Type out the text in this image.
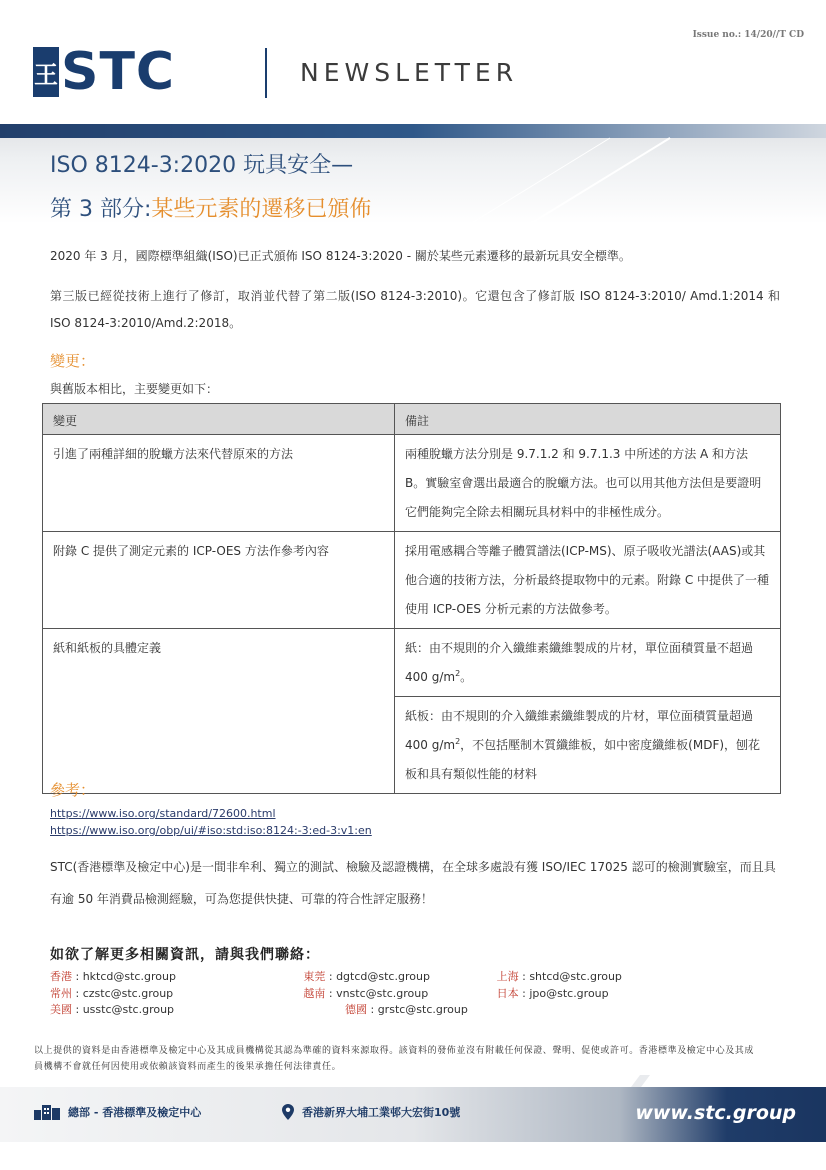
Issue no.: 14/20//T CD
王 STC	NEWSLETTER
ISO 8124-3:2020 玩具安全—
第 3 部分:某些元素的遷移已頒佈
2020 年 3 月，國際標準組織(ISO)已正式頒佈 ISO 8124-3:2020 - 關於某些元素遷移的最新玩具安全標準。
第三版已經從技術上進行了修訂，取消並代替了第二版(ISO 8124-3:2010)。它還包含了修訂版 ISO 8124-3:2010/ Amd.1:2014 和 ISO 8124-3:2010/Amd.2:2018。
變更：
與舊版本相比，主要變更如下：
變更	備註
引進了兩種詳細的脫蠟方法來代替原來的方法	兩種脫蠟方法分別是 9.7.1.2 和 9.7.1.3 中所述的方法 A 和方法 B。實驗室會選出最適合的脫蠟方法。也可以用其他方法但是要證明它們能夠完全除去相關玩具材料中的非極性成分。
附錄 C 提供了測定元素的 ICP-OES 方法作參考內容	採用電感耦合等離子體質譜法(ICP-MS)、原子吸收光譜法(AAS)或其他合適的技術方法，分析最終提取物中的元素。附錄 C 中提供了一種使用 ICP-OES 分析元素的方法做參考。
紙和紙板的具體定義	紙：由不規則的介入纖維素纖維製成的片材，單位面積質量不超過 400 $g/m^2$。
	紙板：由不規則的介入纖維素纖維製成的片材，單位面積質量超過 400 $g/m^2$，不包括壓制木質纖維板，如中密度纖維板(MDF)，刨花板和具有類似性能的材料
參考：
https://www.iso.org/standard/72600.html
https://www.iso.org/obp/ui/#iso:std:iso:8124:-3:ed-3:v1:en
STC(香港標準及檢定中心)是一間非牟利、獨立的測試、檢驗及認證機構，在全球多處設有獲 ISO/IEC 17025 認可的檢測實驗室，而且具有逾 50 年消費品檢測經驗，可為您提供快捷、可靠的符合性評定服務！
如欲了解更多相關資訊，請與我們聯絡：
香港 : hktcd@stc.group	東莞 : dgtcd@stc.group	上海 : shtcd@stc.group
常州 : czstc@stc.group	越南 : vnstc@stc.group	日本 : jpo@stc.group
美國 : usstc@stc.group	德國 : grstc@stc.group
以上提供的資料是由香港標準及檢定中心及其成員機構從其認為準確的資料來源取得。該資料的發佈並沒有附載任何保證、聲明、促使或許可。香港標準及檢定中心及其成員機構不會就任何因使用或依賴該資料而產生的後果承擔任何法律責任。
總部 - 香港標準及檢定中心	香港新界大埔工業邨大宏街10號	www.stc.group
